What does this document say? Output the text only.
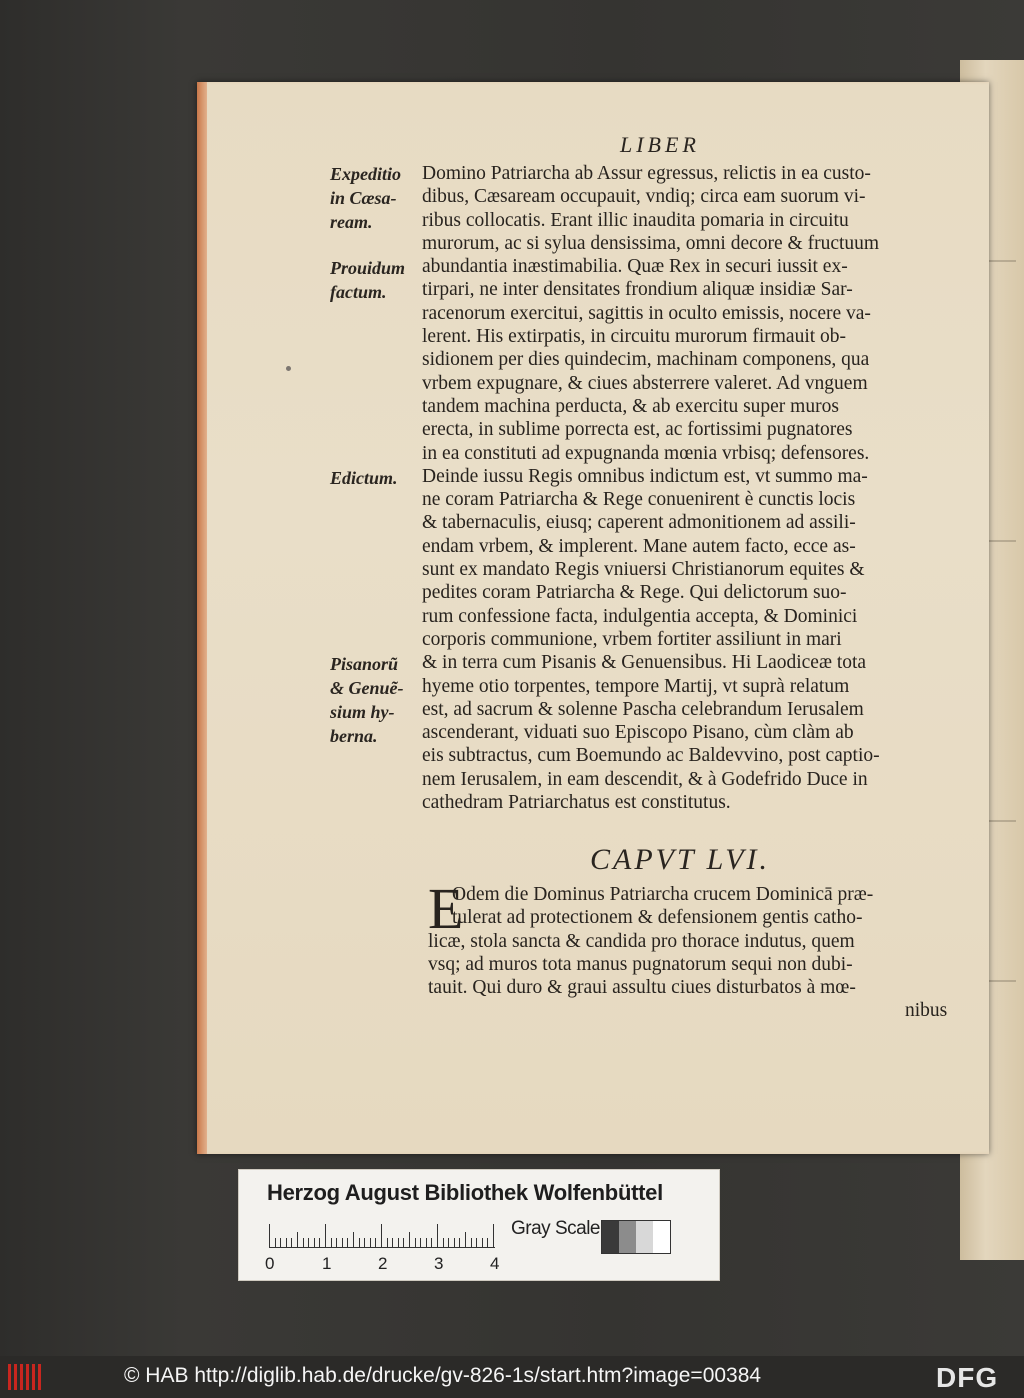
LIBER
Expeditio
in Cæsa-
ream.
Prouidum
factum.
Edictum.
Pisanorũ
& Genuẽ-
sium hy-
berna.
Domino Patriarcha ab Assur egressus, relictis in ea custo-
dibus, Cæsaream occupauit, vndiq; circa eam suorum vi-
ribus collocatis. Erant illic inaudita pomaria in circuitu
murorum, ac si sylua densissima, omni decore & fructuum
abundantia inæstimabilia. Quæ Rex in securi iussit ex-
tirpari, ne inter densitates frondium aliquæ insidiæ Sar-
racenorum exercitui, sagittis in oculto emissis, nocere va-
lerent. His extirpatis, in circuitu murorum firmauit ob-
sidionem per dies quindecim, machinam componens, qua
vrbem expugnare, & ciues absterrere valeret. Ad vnguem
tandem machina perducta, & ab exercitu super muros
erecta, in sublime porrecta est, ac fortissimi pugnatores
in ea constituti ad expugnanda mœnia vrbisq; defensores.
Deinde iussu Regis omnibus indictum est, vt summo ma-
ne coram Patriarcha & Rege conuenirent è cunctis locis
& tabernaculis, eiusq; caperent admonitionem ad assili-
endam vrbem, & implerent. Mane autem facto, ecce as-
sunt ex mandato Regis vniuersi Christianorum equites &
pedites coram Patriarcha & Rege. Qui delictorum suo-
rum confessione facta, indulgentia accepta, & Dominici
corporis communione, vrbem fortiter assiliunt in mari
& in terra cum Pisanis & Genuensibus. Hi Laodiceæ tota
hyeme otio torpentes, tempore Martij, vt suprà relatum
est, ad sacrum & solenne Pascha celebrandum Ierusalem
ascenderant, viduati suo Episcopo Pisano, cùm clàm ab
eis subtractus, cum Boemundo ac Baldevvino, post captio-
nem Ierusalem, in eam descendit, & à Godefrido Duce in
cathedram Patriarchatus est constitutus.
CAPVT LVI.
E
Odem die Dominus Patriarcha crucem Dominicā præ-
tulerat ad protectionem & defensionem gentis catho-
licæ, stola sancta & candida pro thorace indutus, quem
vsq; ad muros tota manus pugnatorum sequi non dubi-
tauit. Qui duro & graui assultu ciues disturbatos à mœ-
nibus
Herzog August Bibliothek Wolfenbüttel
0	1	2	3	4
Gray Scale
© HAB http://diglib.hab.de/drucke/gv-826-1s/start.htm?image=00384	DFG
